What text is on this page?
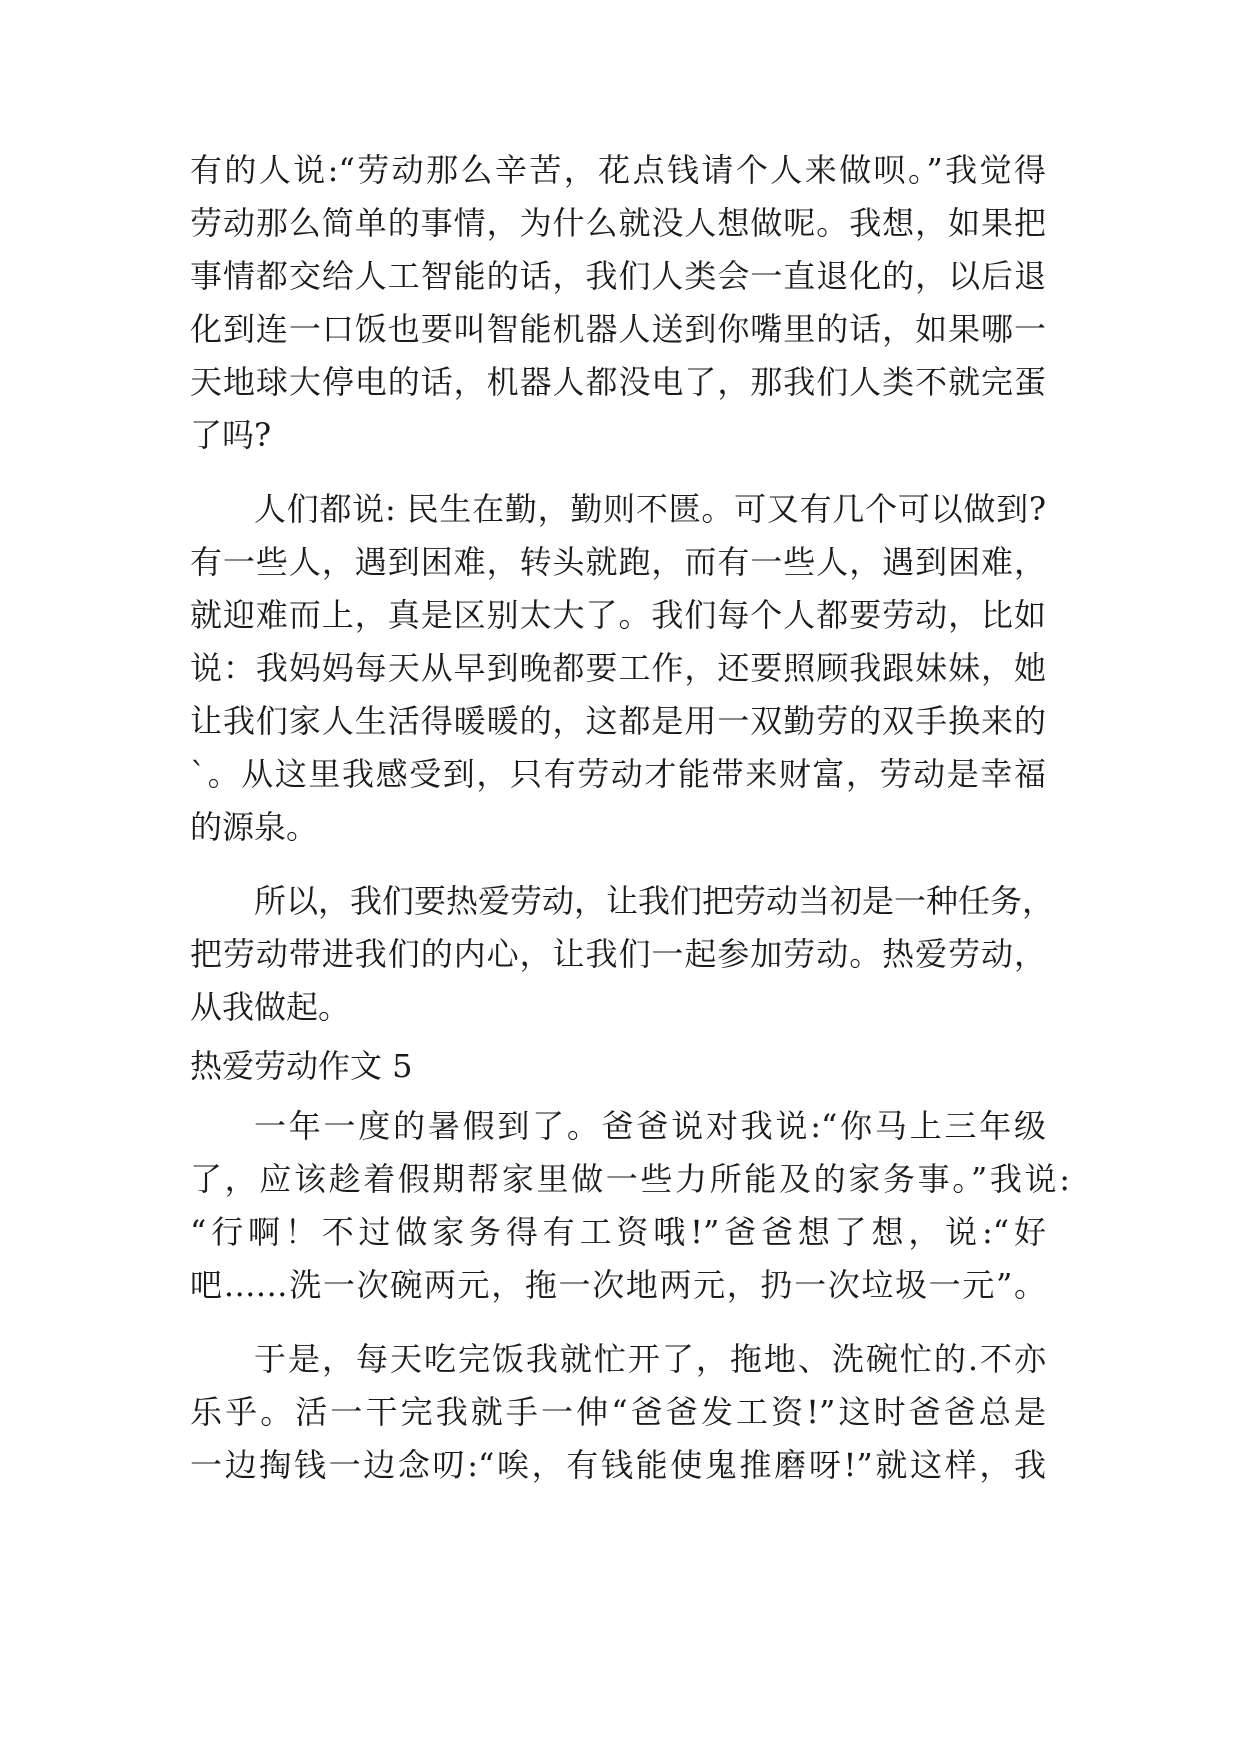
有的人说:“劳动那么辛苦，花点钱请个人来做呗。”我觉得
劳动那么简单的事情，为什么就没人想做呢。我想，如果把
事情都交给人工智能的话，我们人类会一直退化的，以后退
化到连一口饭也要叫智能机器人送到你嘴里的话，如果哪一
天地球大停电的话，机器人都没电了，那我们人类不就完蛋
了吗?
人们都说: 民生在勤，勤则不匮。可又有几个可以做到?
有一些人，遇到困难，转头就跑，而有一些人，遇到困难，
就迎难而上，真是区别太大了。我们每个人都要劳动，比如
说：我妈妈每天从早到晚都要工作，还要照顾我跟妹妹，她
让我们家人生活得暖暖的，这都是用一双勤劳的双手换来的
`。从这里我感受到，只有劳动才能带来财富，劳动是幸福
的源泉。
所以，我们要热爱劳动，让我们把劳动当初是一种任务，
把劳动带进我们的内心，让我们一起参加劳动。热爱劳动，
从我做起。
热爱劳动作文 5
一年一度的暑假到了。爸爸说对我说:“你马上三年级
了，应该趁着假期帮家里做一些力所能及的家务事。”我说:
“行啊！不过做家务得有工资哦!”爸爸想了想，说:“好
吧……洗一次碗两元，拖一次地两元，扔一次垃圾一元”。
于是，每天吃完饭我就忙开了，拖地、洗碗忙的.不亦
乐乎。活一干完我就手一伸“爸爸发工资!”这时爸爸总是
一边掏钱一边念叨:“唉，有钱能使鬼推磨呀!”就这样，我
